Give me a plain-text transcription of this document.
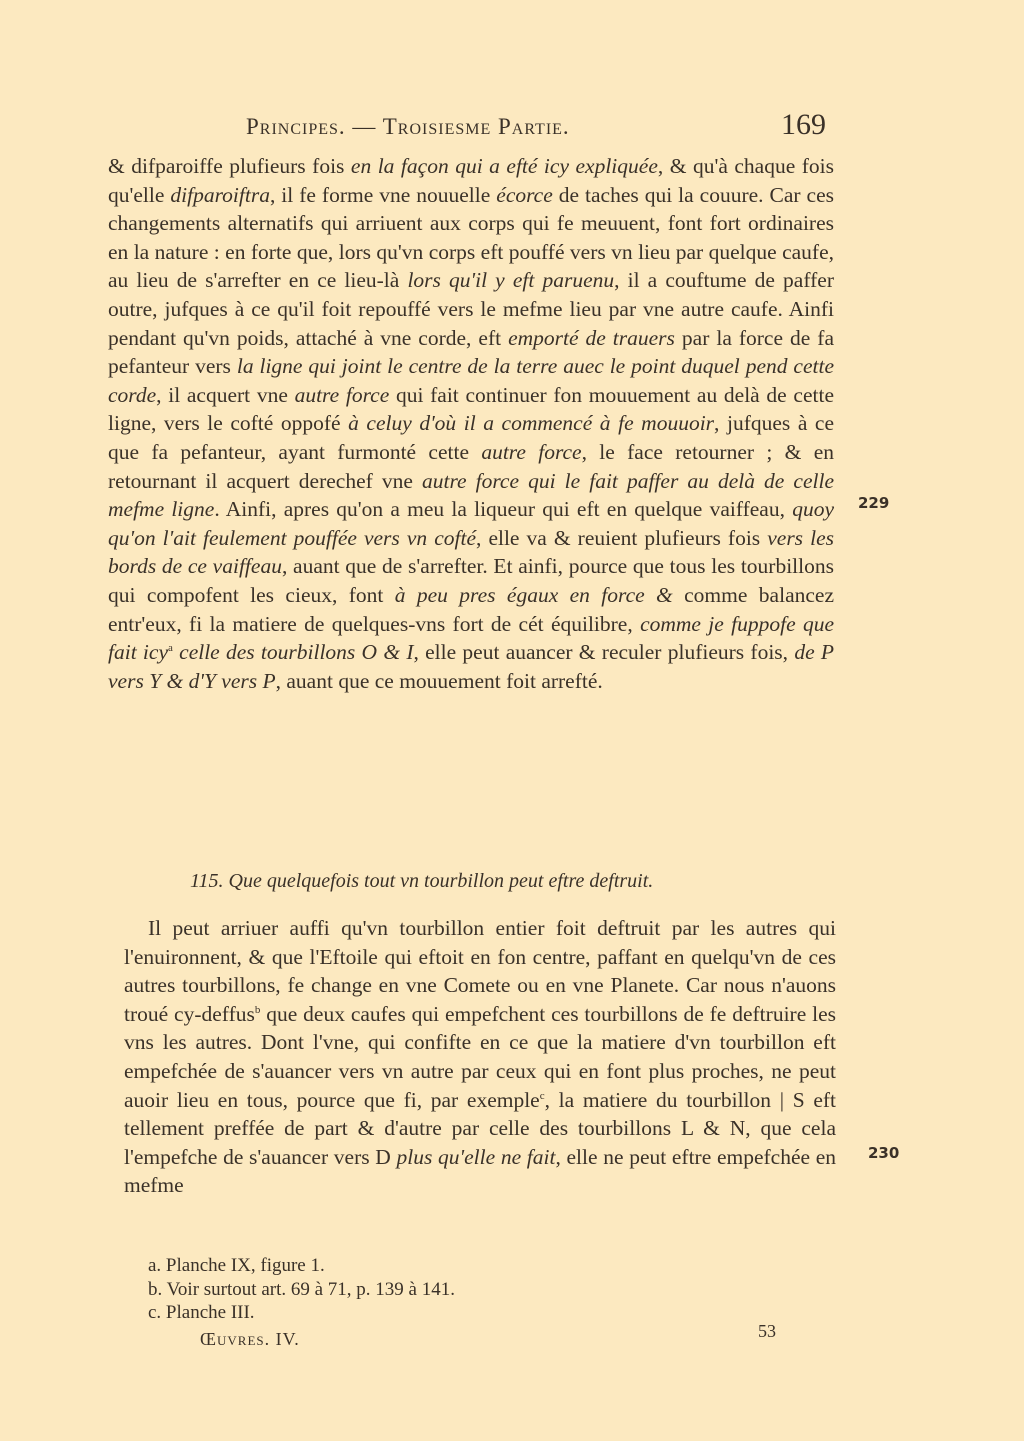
Principes. — Troisiesme Partie.	169

& difparoiffe plufieurs fois en la façon qui a efté icy expliquée, & qu'à chaque fois qu'elle difparoiftra, il fe forme vne nouuelle écorce de taches qui la couure. Car ces changements alternatifs qui arriuent aux corps qui fe meuuent, font fort ordinaires en la nature : en forte que, lors qu'vn corps eft pouffé vers vn lieu par quelque caufe, au lieu de s'arrefter en ce lieu-là lors qu'il y eft paruenu, il a couftume de paffer outre, jufques à ce qu'il foit repouffé vers le mefme lieu par vne autre caufe. Ainfi pendant qu'vn poids, attaché à vne corde, eft emporté de trauers par la force de fa pefanteur vers la ligne qui joint le centre de la terre auec le point duquel pend cette corde, il acquert vne autre force qui fait continuer fon mouuement au delà de cette ligne, vers le cofté oppofé à celuy d'où il a commencé à fe mouuoir, jufques à ce que fa pefanteur, ayant furmonté cette autre force, le face retourner ; & en retournant il acquert derechef vne autre force qui le fait paffer au delà de celle mefme ligne. Ainfi, apres qu'on a meu la liqueur qui eft en quelque vaiffeau, quoy qu'on l'ait feulement pouffée vers vn cofté, elle va & reuient plufieurs fois vers les bords de ce vaiffeau, auant que de s'arrefter. Et ainfi, pource que tous les tourbillons qui compofent les cieux, font à peu pres égaux en force & comme balancez entr'eux, fi la matiere de quelques-vns fort de cét équilibre, comme je fuppofe que fait icy$^a$ celle des tourbillons O & I, elle peut auancer & reculer plufieurs fois, de P vers Y & d'Y vers P, auant que ce mouuement foit arrefté.

229
115. Que quelquefois tout vn tourbillon peut eftre deftruit.

Il peut arriuer auffi qu'vn tourbillon entier foit deftruit par les autres qui l'enuironnent, & que l'Eftoile qui eftoit en fon centre, paffant en quelqu'vn de ces autres tourbillons, fe change en vne Comete ou en vne Planete. Car nous n'auons troué cy-deffus$^b$ que deux caufes qui empefchent ces tourbillons de fe deftruire les vns les autres. Dont l'vne, qui confifte en ce que la matiere d'vn tourbillon eft empefchée de s'auancer vers vn autre par ceux qui en font plus proches, ne peut auoir lieu en tous, pource que fi, par exemple$^c$, la matiere du tourbillon | S eft tellement preffée de part & d'autre par celle des tourbillons L & N, que cela l'empefche de s'auancer vers D plus qu'elle ne fait, elle ne peut eftre empefchée en mefme

230
a. Planche IX, figure 1.
b. Voir surtout art. 69 à 71, p. 139 à 141.
c. Planche III.
Œuvres. IV.	53
